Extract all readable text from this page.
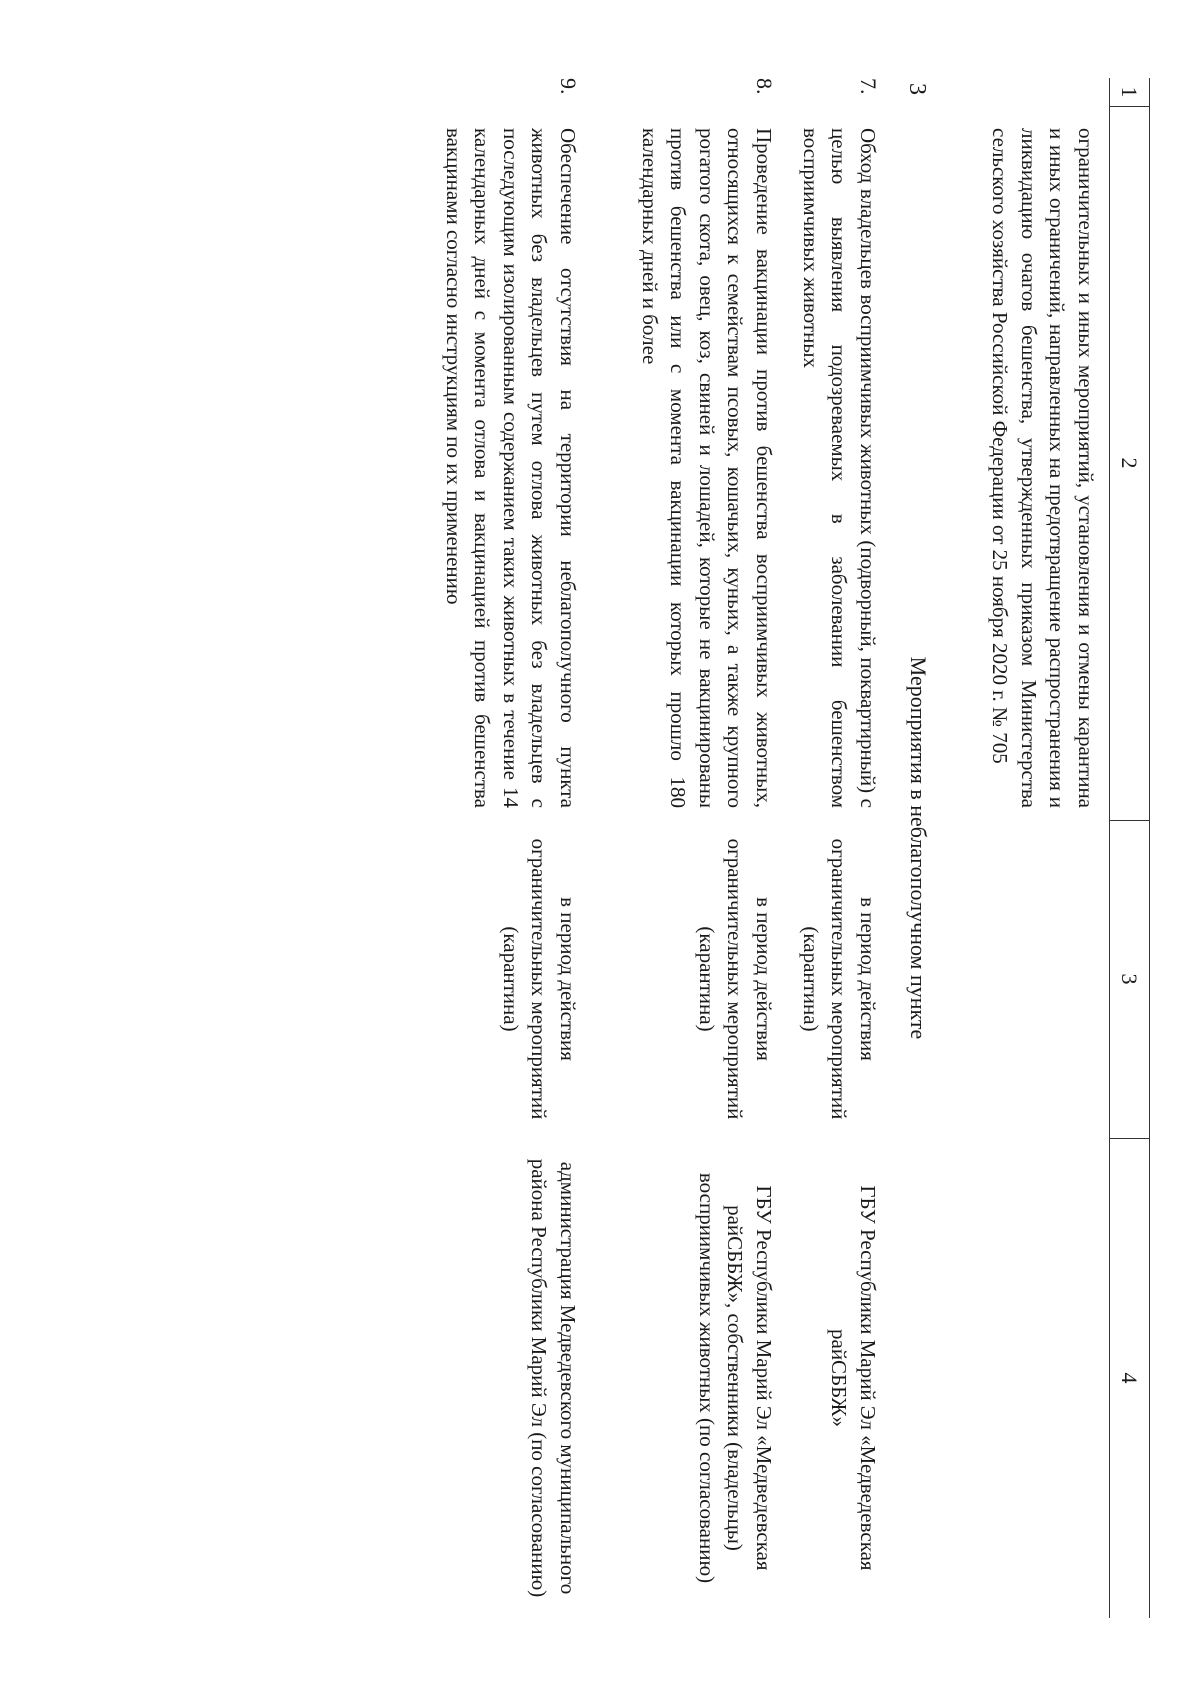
3	1
2
3
4
ограничительных и иных мероприятий, установления и отмены карантина и иных ограничений, направленных на предотвращение распространения и ликвидацию очагов бешенства, утвержденных приказом Министерства сельского хозяйства Российской Федерации от 25 ноября 2020 г. № 705
Мероприятия в неблагополучном пункте
7.
Обход владельцев восприимчивых животных (подворный, поквартирный) с целью выявления подозреваемых в заболевании бешенством восприимчивых животных
в период действия ограничительных мероприятий (карантина)
ГБУ Республики Марий Эл «Медведевская райСББЖ»
8.
Проведение вакцинации против бешенства восприимчивых животных, относящихся к семействам псовых, кошачьих, куньих, а также крупного рогатого скота, овец, коз, свиней и лошадей, которые не вакцинированы против бешенства или с момента вакцинации которых прошло 180 календарных дней и более
в период действия ограничительных мероприятий (карантина)
ГБУ Республики Марий Эл «Медведевская райСББЖ», собственники (владельцы) восприимчивых животных (по согласованию)
9.
Обеспечение отсутствия на территории неблагополучного пункта животных без владельцев путем отлова животных без владельцев с последующим изолированным содержанием таких животных в течение 14 календарных дней с момента отлова и вакцинацией против бешенства вакцинами согласно инструкциям по их применению
в период действия ограничительных мероприятий (карантина)
администрация Медведевского муниципального района Республики Марий Эл (по согласованию)
